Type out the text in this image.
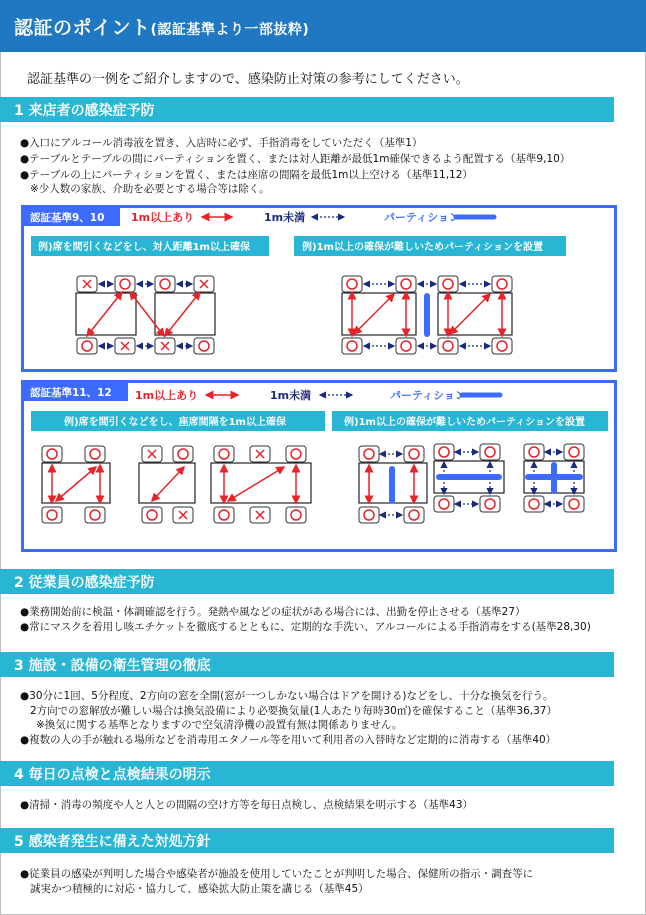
認証のポイント(認証基準より一部抜粋)
認証基準の一例をご紹介しますので、感染防止対策の参考にしてください。
1 来店者の感染症予防
●入口にアルコール消毒液を置き、入店時に必ず、手指消毒をしていただく（基準1）
●テーブルとテーブルの間にパーティションを置く、または対人距離が最低1m確保できるよう配置する（基準9,10）
●テーブルの上にパーティションを置く、または座席の間隔を最低1m以上空ける（基準11,12）
※少人数の家族、介助を必要とする場合等は除く。
認証基準9、10 1m以上あり	1m未満	パーティション
例)席を間引くなどをし、対人距離1m以上確保	例)1m以上の確保が難しいためパーティションを設置
認証基準11、12 1m以上あり	1m未満	パーティション
例)席を間引くなどをし、座席間隔を1m以上確保	例)1m以上の確保が難しいためパーティションを設置
2 従業員の感染症予防
●業務開始前に検温・体調確認を行う。発熱や風などの症状がある場合には、出勤を停止させる（基準27）
●常にマスクを着用し咳エチケットを徹底するとともに、定期的な手洗い、アルコールによる手指消毒をする(基準28,30)
3 施設・設備の衛生管理の徹底
●30分に1回、5分程度、2方向の窓を全開(窓が一つしかない場合はドアを開ける)などをし、十分な換気を行う。
2方向での窓解放が難しい場合は換気設備により必要換気量(1人あたり毎時30㎥)を確保すること（基準36,37）
※換気に関する基準となりますので空気清浄機の設置有無は関係ありません。
●複数の人の手が触れる場所などを消毒用エタノール等を用いて利用者の入替時など定期的に消毒する（基準40）
4 毎日の点検と点検結果の明示
●清掃・消毒の頻度や人と人との間隔の空け方等を毎日点検し、点検結果を明示する（基準43）
5 感染者発生に備えた対処方針
●従業員の感染が判明した場合や感染者が施設を使用していたことが判明した場合、保健所の指示・調査等に
誠実かつ積極的に対応・協力して、感染拡大防止策を講じる（基準45）
